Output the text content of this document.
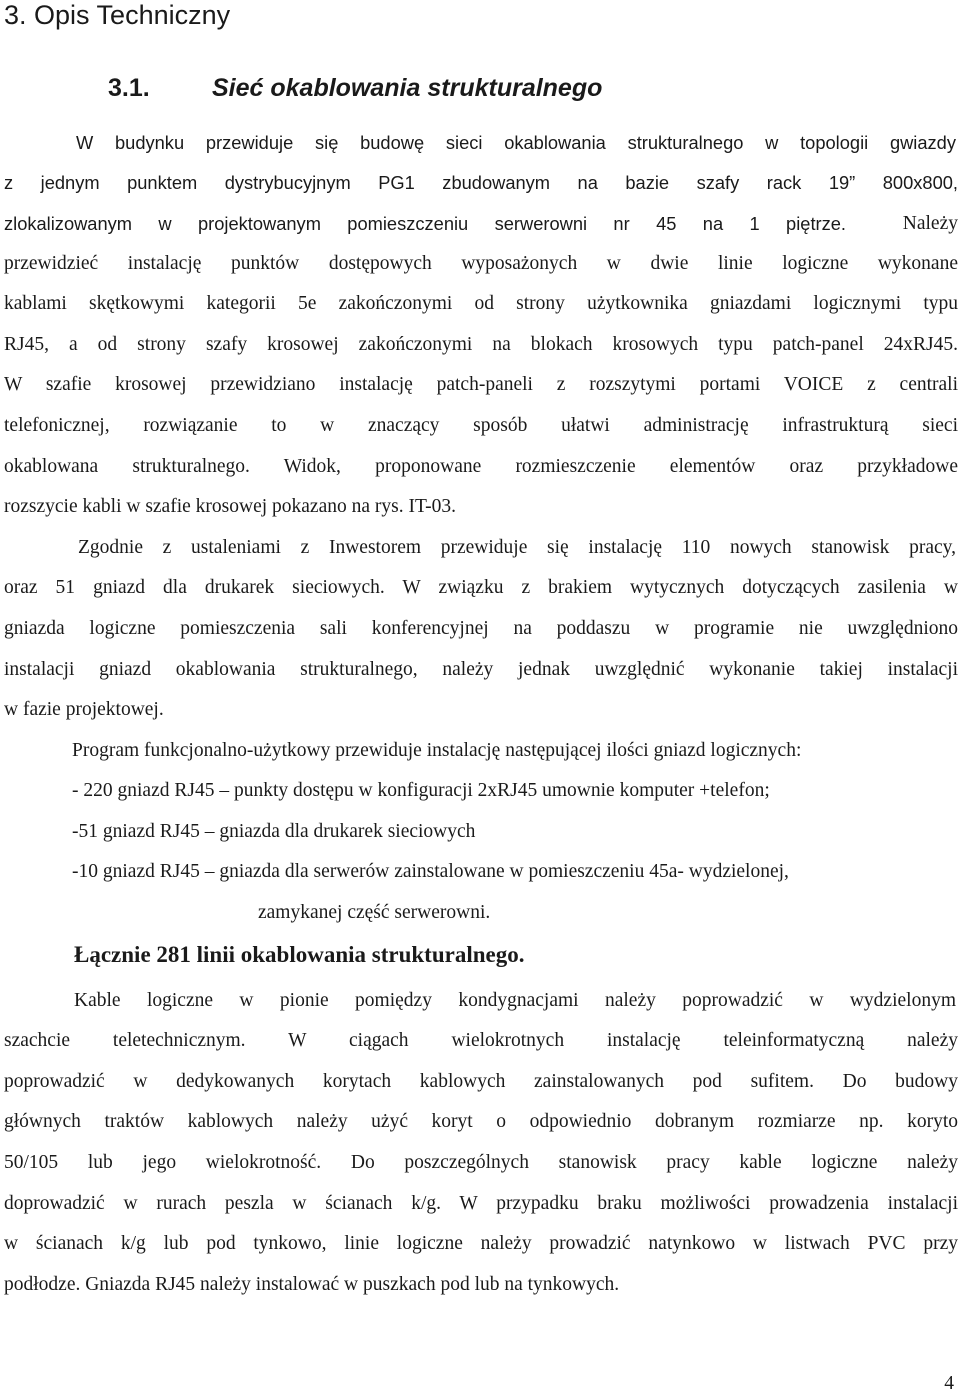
3. Opis Techniczny
3.1. Sieć okablowania strukturalnego
W budynku przewiduje się budowę sieci okablowania strukturalnego w topologii gwiazdy
z jednym punktem dystrybucyjnym PG1 zbudowanym na bazie szafy rack 19” 800x800,
zlokalizowanym w projektowanym pomieszczeniu serwerowni nr 45 na 1 piętrze.	Należy
przewidzieć instalację punktów dostępowych wyposażonych w dwie linie logiczne wykonane
kablami skętkowymi kategorii 5e zakończonymi od strony użytkownika gniazdami logicznymi typu
RJ45, a od strony szafy krosowej zakończonymi na blokach krosowych typu patch-panel 24xRJ45.
W szafie krosowej przewidziano instalację patch-paneli z rozszytymi portami VOICE z centrali
telefonicznej, rozwiązanie to w znaczący sposób ułatwi administrację infrastrukturą sieci
okablowana strukturalnego. Widok, proponowane rozmieszczenie elementów oraz przykładowe
rozszycie kabli w szafie krosowej pokazano na rys. IT-03.
Zgodnie z ustaleniami z Inwestorem przewiduje się instalację 110 nowych stanowisk pracy,
oraz 51 gniazd dla drukarek sieciowych. W związku z brakiem wytycznych dotyczących zasilenia w
gniazda logiczne pomieszczenia sali konferencyjnej na poddaszu w programie nie uwzględniono
instalacji gniazd okablowania strukturalnego, należy jednak uwzględnić wykonanie takiej instalacji
w fazie projektowej.
Program funkcjonalno-użytkowy przewiduje instalację następującej ilości gniazd logicznych:
- 220 gniazd RJ45 – punkty dostępu w konfiguracji 2xRJ45 umownie komputer +telefon;
-51 gniazd RJ45 – gniazda dla drukarek sieciowych
-10 gniazd RJ45 – gniazda dla serwerów zainstalowane w pomieszczeniu 45a- wydzielonej,
zamykanej część serwerowni.
Łącznie 281 linii okablowania strukturalnego.
Kable logiczne w pionie pomiędzy kondygnacjami należy poprowadzić w wydzielonym
szachcie teletechnicznym. W ciągach wielokrotnych instalację teleinformatyczną należy
poprowadzić w dedykowanych korytach kablowych zainstalowanych pod sufitem. Do budowy
głównych traktów kablowych należy użyć koryt o odpowiednio dobranym rozmiarze np. koryto
50/105 lub jego wielokrotność. Do poszczególnych stanowisk pracy kable logiczne należy
doprowadzić w rurach peszla w ścianach k/g. W przypadku braku możliwości prowadzenia instalacji
w ścianach k/g lub pod tynkowo, linie logiczne należy prowadzić natynkowo w listwach PVC przy
podłodze. Gniazda RJ45 należy instalować w puszkach pod lub na tynkowych.
4
